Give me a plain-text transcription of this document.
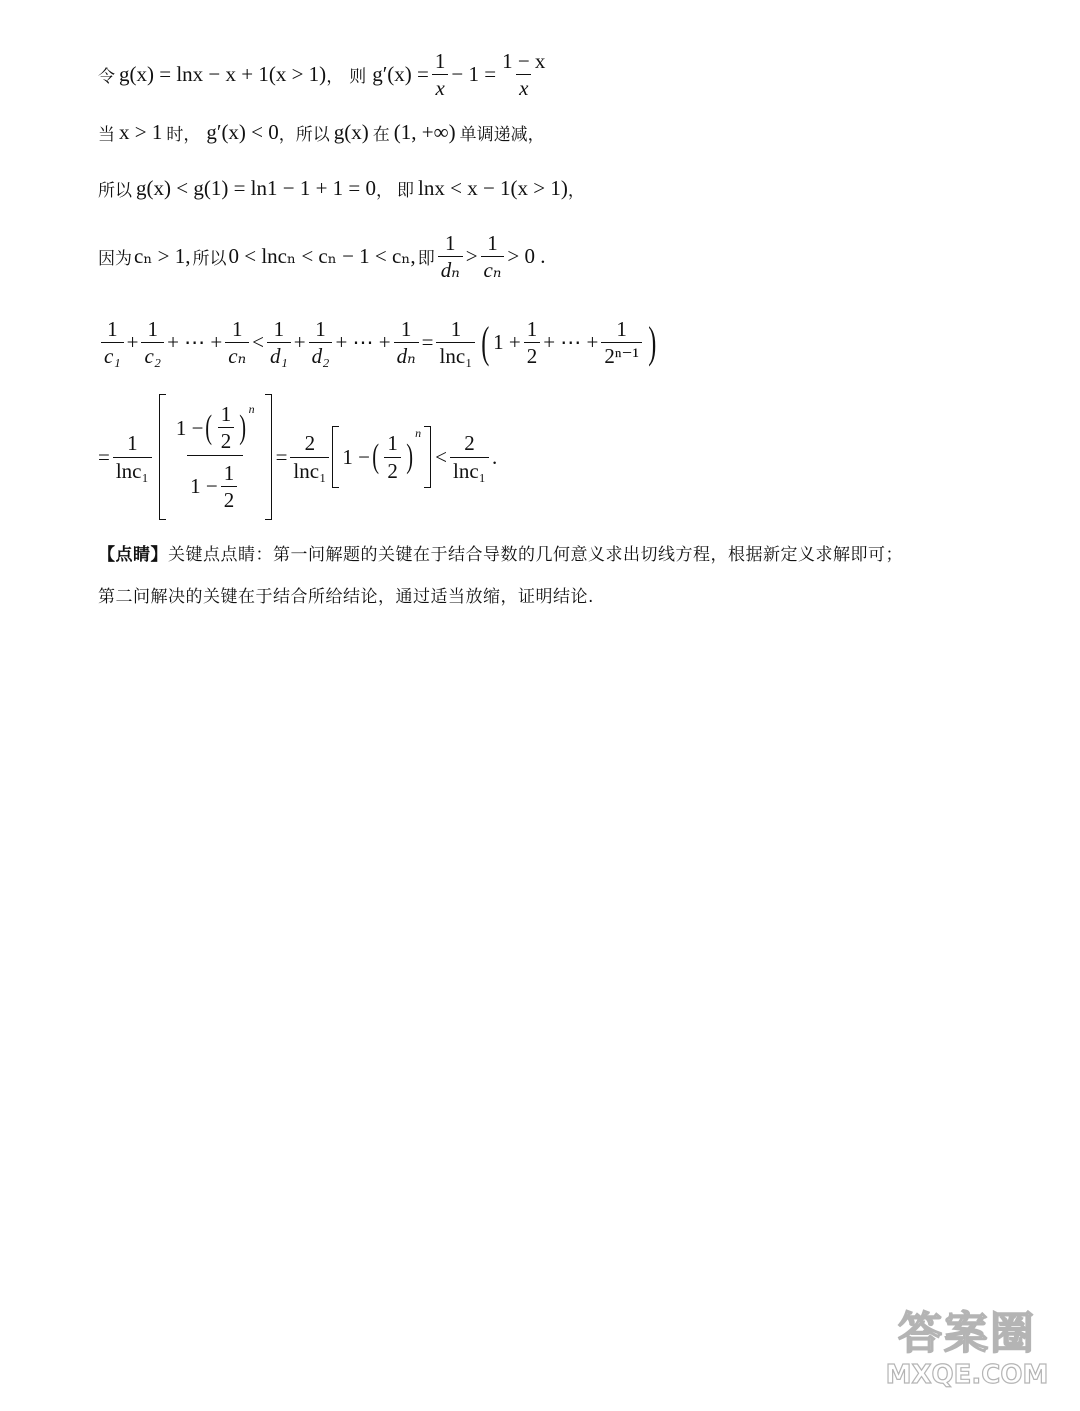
令 g(x) = lnx − x + 1(x > 1) ， 则 $g'(x) = \frac{1}{x} - 1 = \frac{1 - x}{x}$
当 x > 1 时， g′(x) < 0 ，所以 g(x) 在 (1, +∞) 单调递减，
所以 g(x) < g(1) = ln1 − 1 + 1 = 0 ， 即 lnx < x − 1(x > 1) ，
因为 cₙ > 1, 所以 0 < lncₙ < cₙ − 1 < cₙ, 即 $\frac{1}{\text{dₙ}} > \frac{1}{\text{cₙ}} > 0$ .
$\frac{1}{\text{c₁}} + \frac{1}{\text{c₂}}$ + ⋯ + $\frac{1}{\text{cₙ}} < \frac{1}{\text{d₁}} + \frac{1}{\text{d₂}}$ + ⋯ + $\frac{1}{\text{dₙ}} = \frac{1}{\text{lnc₁}}$ ( $1 + \frac{1}{2}$ + ⋯ + $\frac{1}{\text{2ⁿ⁻¹}}$ )
= $\frac{1}{\text{lnc₁}} \frac{1 - ( \frac{1}{2} )^n}{1 - \frac{1}{2}} = \frac{2}{\text{lnc₁}} 1$ − ( $\frac{1}{2}$ )
$^n$
< $\frac{2}{\text{lnc₁}}$ .
【点睛】关键点点睛：第一问解题的关键在于结合导数的几何意义求出切线方程，根据新定义求解即可；
第二问解决的关键在于结合所给结论，通过适当放缩，证明结论.
答案圈
MXQE.COM
